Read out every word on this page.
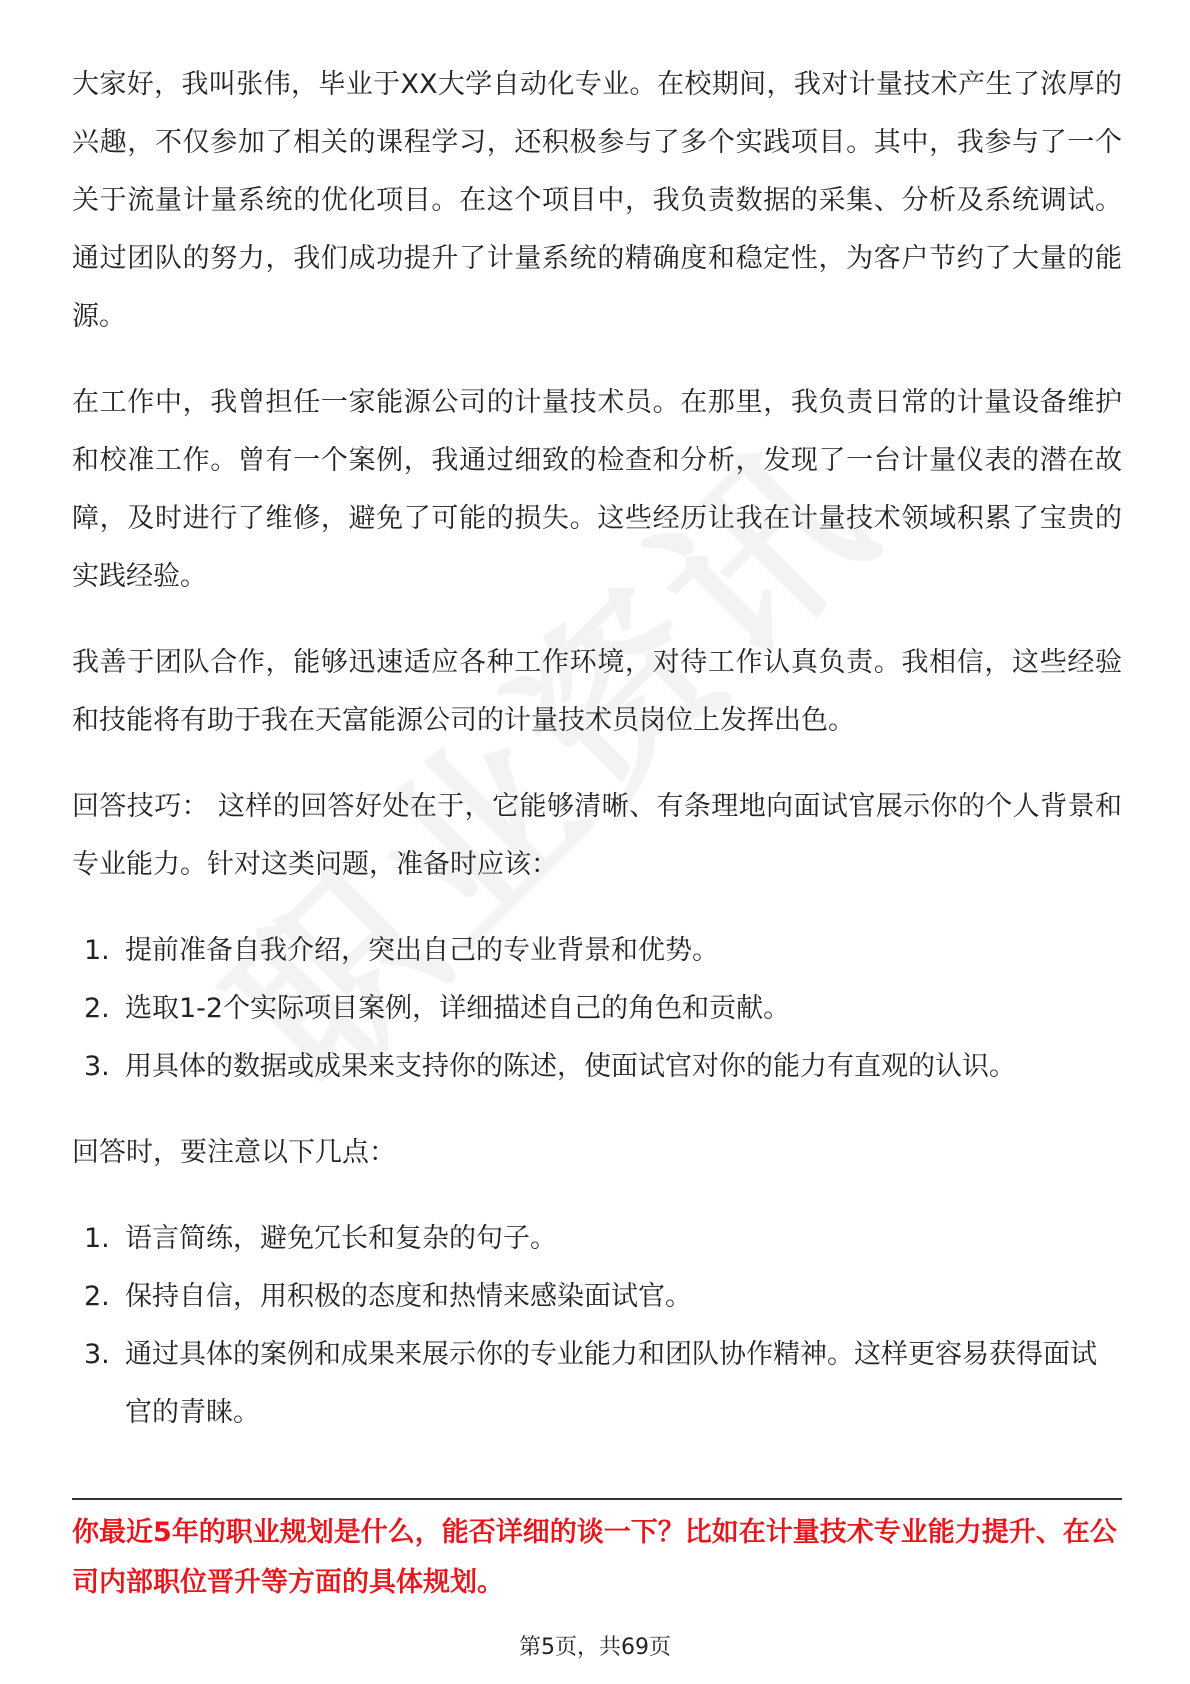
大家好，我叫张伟，毕业于XX大学自动化专业。在校期间，我对计量技术产生了浓厚的兴趣，不仅参加了相关的课程学习，还积极参与了多个实践项目。其中，我参与了一个关于流量计量系统的优化项目。在这个项目中，我负责数据的采集、分析及系统调试。通过团队的努力，我们成功提升了计量系统的精确度和稳定性，为客户节约了大量的能源。

在工作中，我曾担任一家能源公司的计量技术员。在那里，我负责日常的计量设备维护和校准工作。曾有一个案例，我通过细致的检查和分析，发现了一台计量仪表的潜在故障，及时进行了维修，避免了可能的损失。这些经历让我在计量技术领域积累了宝贵的实践经验。

我善于团队合作，能够迅速适应各种工作环境，对待工作认真负责。我相信，这些经验和技能将有助于我在天富能源公司的计量技术员岗位上发挥出色。

回答技巧： 这样的回答好处在于，它能够清晰、有条理地向面试官展示你的个人背景和专业能力。针对这类问题，准备时应该：

1. 提前准备自我介绍，突出自己的专业背景和优势。
2. 选取1-2个实际项目案例，详细描述自己的角色和贡献。
3. 用具体的数据或成果来支持你的陈述，使面试官对你的能力有直观的认识。

回答时，要注意以下几点：

1. 语言简练，避免冗长和复杂的句子。
2. 保持自信，用积极的态度和热情来感染面试官。
3. 通过具体的案例和成果来展示你的专业能力和团队协作精神。这样更容易获得面试官的青睐。
你最近5年的职业规划是什么，能否详细的谈一下？比如在计量技术专业能力提升、在公司内部职位晋升等方面的具体规划。
第5页，共69页
